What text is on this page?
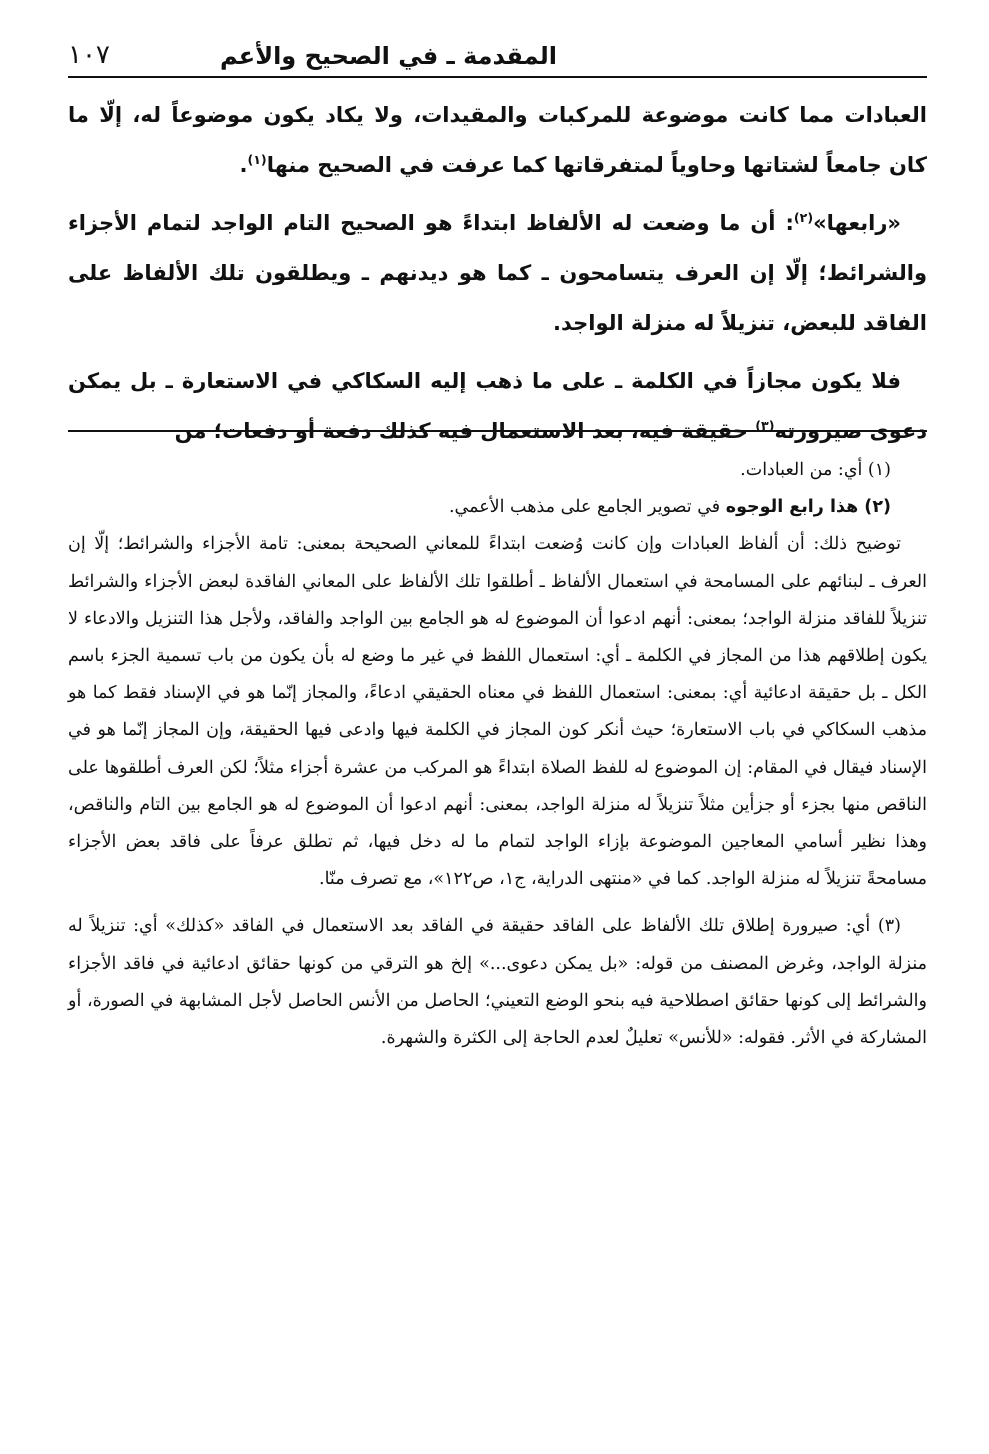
المقدمة ـ في الصحيح والأعم
١٠٧

العبادات مما كانت موضوعة للمركبات والمقيدات، ولا يكاد يكون موضوعاً له، إلّا ما كان جامعاً لشتاتها وحاوياً لمتفرقاتها كما عرفت في الصحيح منها$^{(١)}$.

«رابعها»$^{(٢)}$: أن ما وضعت له الألفاظ ابتداءً هو الصحيح التام الواجد لتمام الأجزاء والشرائط؛ إلّا إن العرف يتسامحون ـ كما هو ديدنهم ـ ويطلقون تلك الألفاظ على الفاقد للبعض، تنزيلاً له منزلة الواجد.

فلا يكون مجازاً في الكلمة ـ على ما ذهب إليه السكاكي في الاستعارة ـ بل يمكن دعوى صيرورته$^{(٣)}$ حقيقة فيه، بعد الاستعمال فيه كذلك دفعة أو دفعات؛ من

(١) أي: من العبادات.

(٢) هذا رابع الوجوه في تصوير الجامع على مذهب الأعمي.

توضيح ذلك: أن ألفاظ العبادات وإن كانت وُضعت ابتداءً للمعاني الصحيحة بمعنى: تامة الأجزاء والشرائط؛ إلّا إن العرف ـ لبنائهم على المسامحة في استعمال الألفاظ ـ أطلقوا تلك الألفاظ على المعاني الفاقدة لبعض الأجزاء والشرائط تنزيلاً للفاقد منزلة الواجد؛ بمعنى: أنهم ادعوا أن الموضوع له هو الجامع بين الواجد والفاقد، ولأجل هذا التنزيل والادعاء لا يكون إطلاقهم هذا من المجاز في الكلمة ـ أي: استعمال اللفظ في غير ما وضع له بأن يكون من باب تسمية الجزء باسم الكل ـ بل حقيقة ادعائية أي: بمعنى: استعمال اللفظ في معناه الحقيقي ادعاءً، والمجاز إنّما هو في الإسناد فقط كما هو مذهب السكاكي في باب الاستعارة؛ حيث أنكر كون المجاز في الكلمة فيها وادعى فيها الحقيقة، وإن المجاز إنّما هو في الإسناد فيقال في المقام: إن الموضوع له للفظ الصلاة ابتداءً هو المركب من عشرة أجزاء مثلاً؛ لكن العرف أطلقوها على الناقص منها بجزء أو جزأين مثلاً تنزيلاً له منزلة الواجد، بمعنى: أنهم ادعوا أن الموضوع له هو الجامع بين التام والناقص، وهذا نظير أسامي المعاجين الموضوعة بإزاء الواجد لتمام ما له دخل فيها، ثم تطلق عرفاً على فاقد بعض الأجزاء مسامحةً تنزيلاً له منزلة الواجد. كما في «منتهى الدراية، ج١، ص١٢٢»، مع تصرف منّا.

(٣) أي: صيرورة إطلاق تلك الألفاظ على الفاقد حقيقة في الفاقد بعد الاستعمال في الفاقد «كذلك» أي: تنزيلاً له منزلة الواجد، وغرض المصنف من قوله: «بل يمكن دعوى...» إلخ هو الترقي من كونها حقائق ادعائية في فاقد الأجزاء والشرائط إلى كونها حقائق اصطلاحية فيه بنحو الوضع التعيني؛ الحاصل من الأنس الحاصل لأجل المشابهة في الصورة، أو المشاركة في الأثر. فقوله: «للأنس» تعليلٌ لعدم الحاجة إلى الكثرة والشهرة.
